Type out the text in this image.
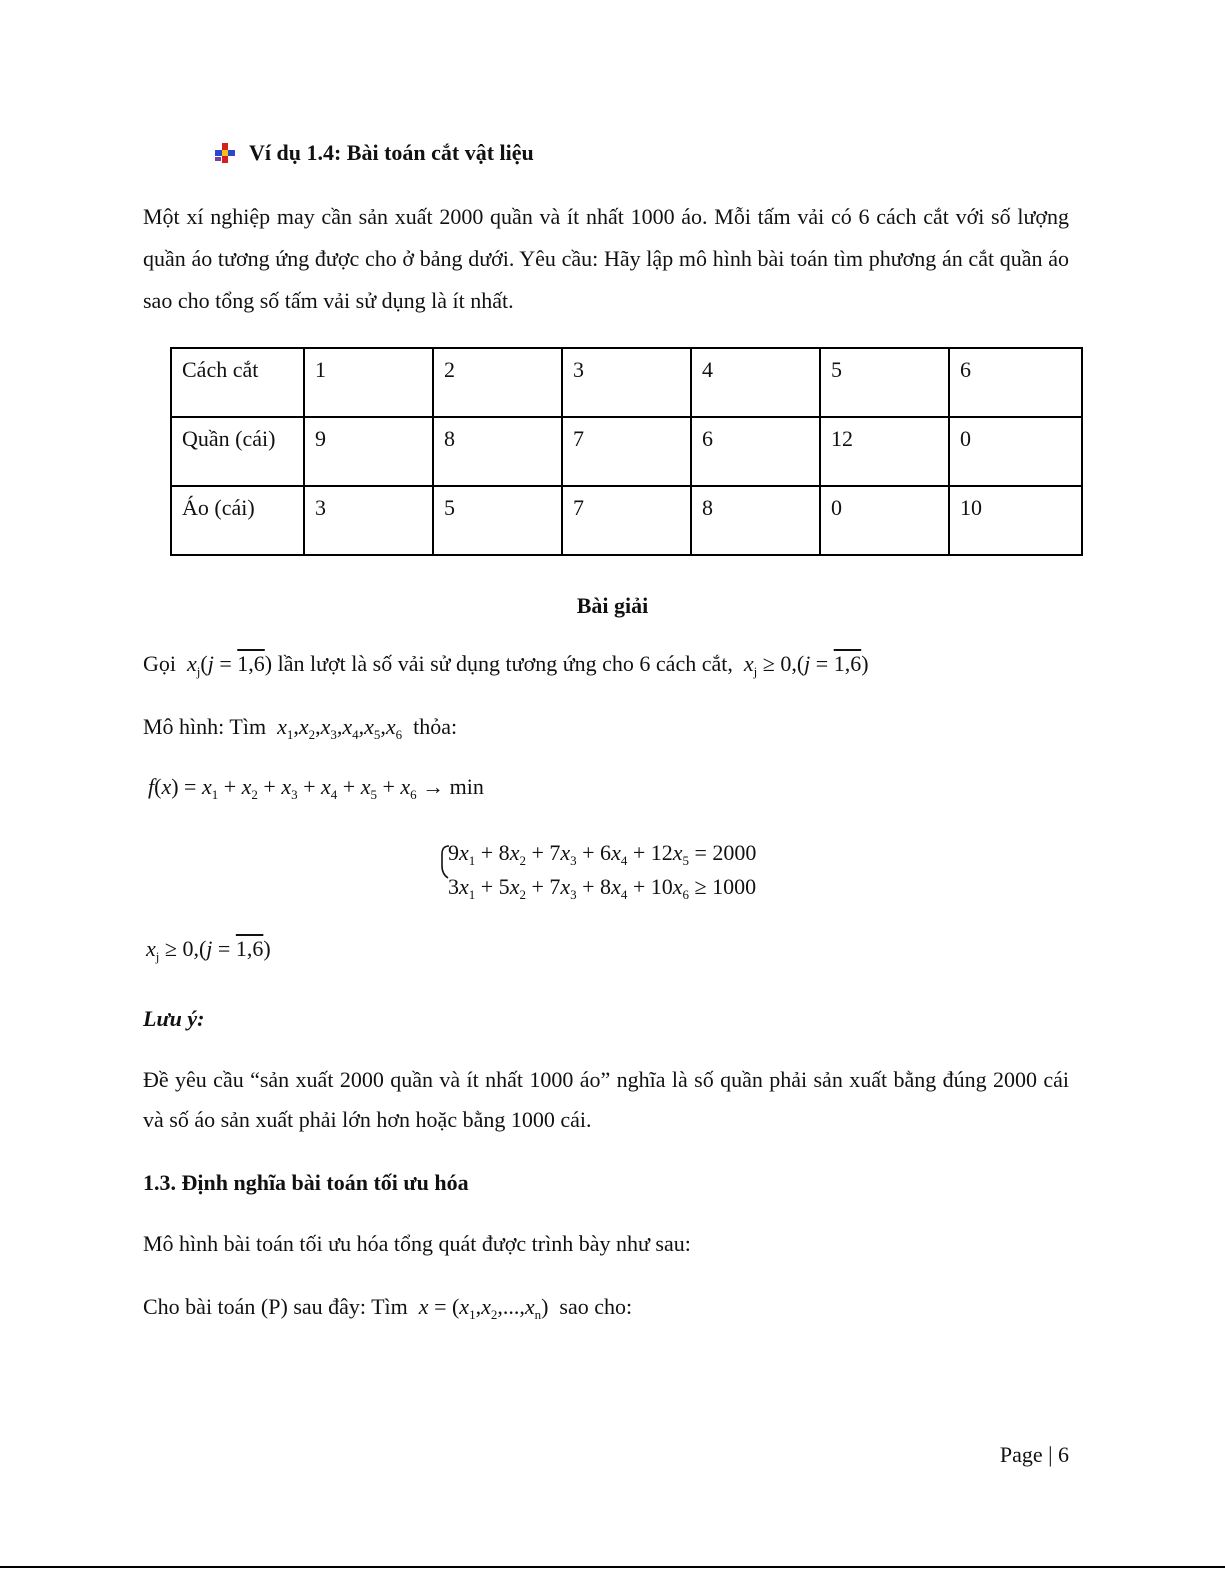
Ví dụ 1.4: Bài toán cắt vật liệu
Một xí nghiệp may cần sản xuất 2000 quần và ít nhất 1000 áo. Mỗi tấm vải có 6 cách cắt với số lượng quần áo tương ứng được cho ở bảng dưới. Yêu cầu: Hãy lập mô hình bài toán tìm phương án cắt quần áo sao cho tổng số tấm vải sử dụng là ít nhất.
Cách cắt	1	2	3	4	5	6
Quần (cái)	9	8	7	6	12	0
Áo (cái)	3	5	7	8	0	10
Bài giải
Gọi  $x_j(j = 1,6)$ lần lượt là số vải sử dụng tương ứng cho 6 cách cắt,  $x_j \ge 0,(j = 1,6)$
Mô hình: Tìm  $x_1,x_2,x_3,x_4,x_5,x_6$ thỏa:
$f(x) = x_1 + x_2 + x_3 + x_4 + x_5 + x_6 \to \min$
$9x_1 + 8x_2 + 7x_3 + 6x_4 + 12x_5 = 2000$
$3x_1 + 5x_2 + 7x_3 + 8x_4 + 10x_6 \ge 1000$
$x_j \ge 0,(j = 1,6)$
Lưu ý:
Đề yêu cầu “sản xuất 2000 quần và ít nhất 1000 áo” nghĩa là số quần phải sản xuất bằng đúng 2000 cái và số áo sản xuất phải lớn hơn hoặc bằng 1000 cái.
1.3. Định nghĩa bài toán tối ưu hóa
Mô hình bài toán tối ưu hóa tổng quát được trình bày như sau:
Cho bài toán (P) sau đây: Tìm  $x = (x_1,x_2,...,x_n)$ sao cho:
Page | 6
